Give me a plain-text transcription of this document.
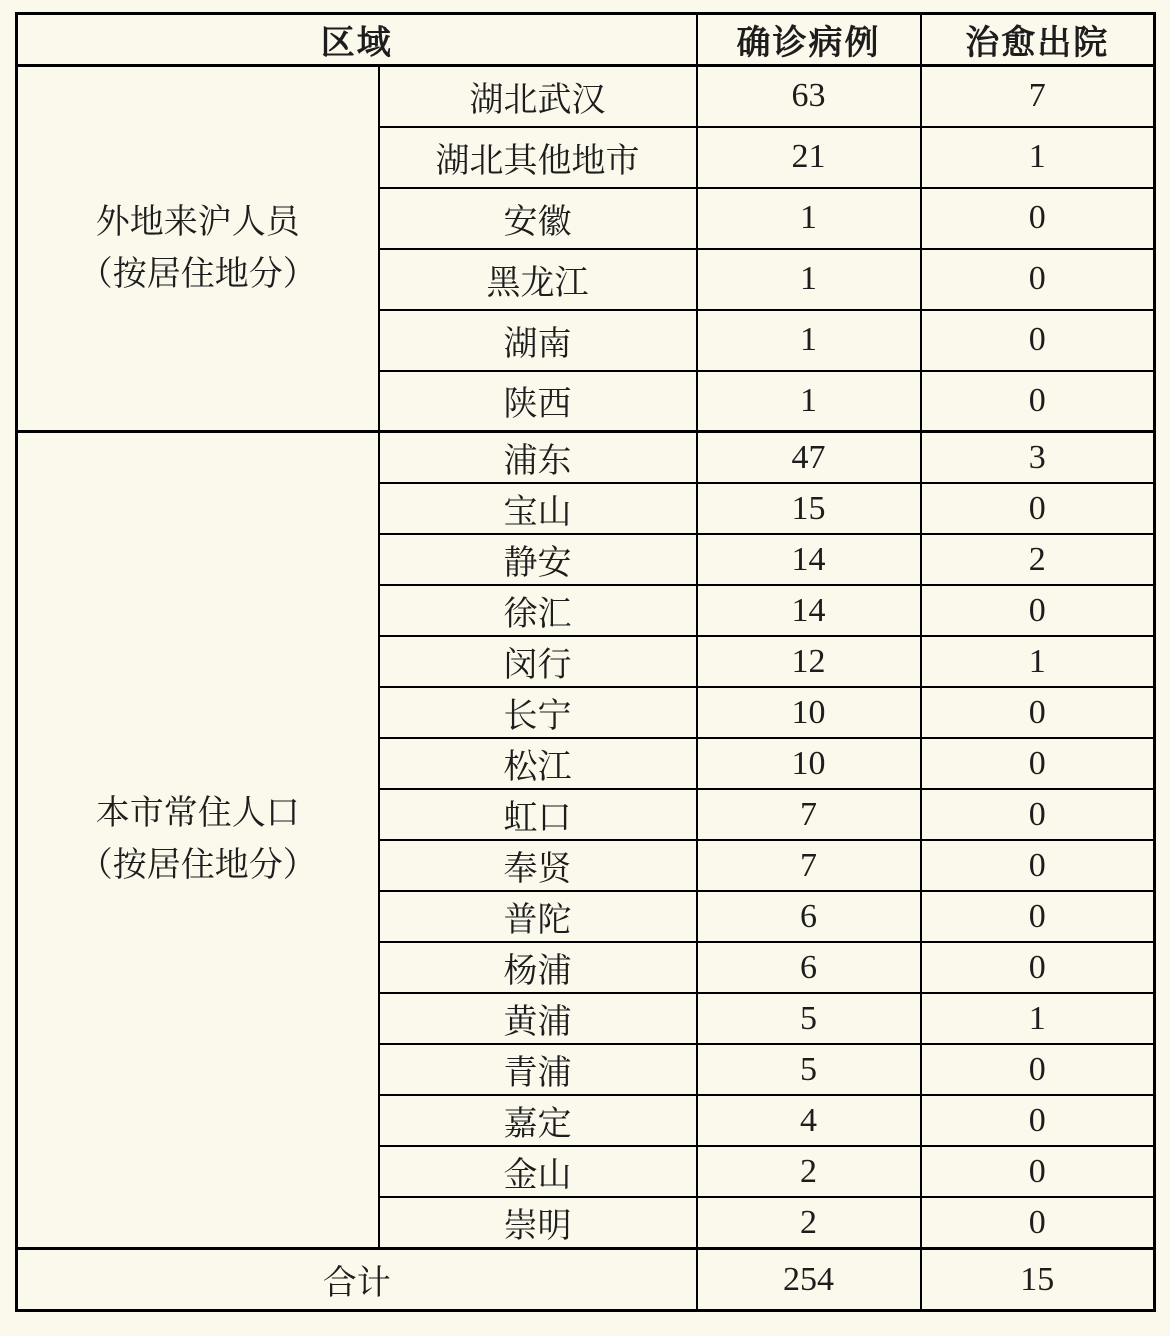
区域		确诊病例	治愈出院

外地来沪人员
（按居住地分）	湖北武汉	63	7
	湖北其他地市	21	1
	安徽	1	0
	黑龙江	1	0
	湖南	1	0
	陕西	1	0

本市常住人口
（按居住地分）	浦东	47	3
	宝山	15	0
	静安	14	2
	徐汇	14	0
	闵行	12	1
	长宁	10	0
	松江	10	0
	虹口	7	0
	奉贤	7	0
	普陀	6	0
	杨浦	6	0
	黄浦	5	1
	青浦	5	0
	嘉定	4	0
	金山	2	0
	崇明	2	0
合计		254	15
